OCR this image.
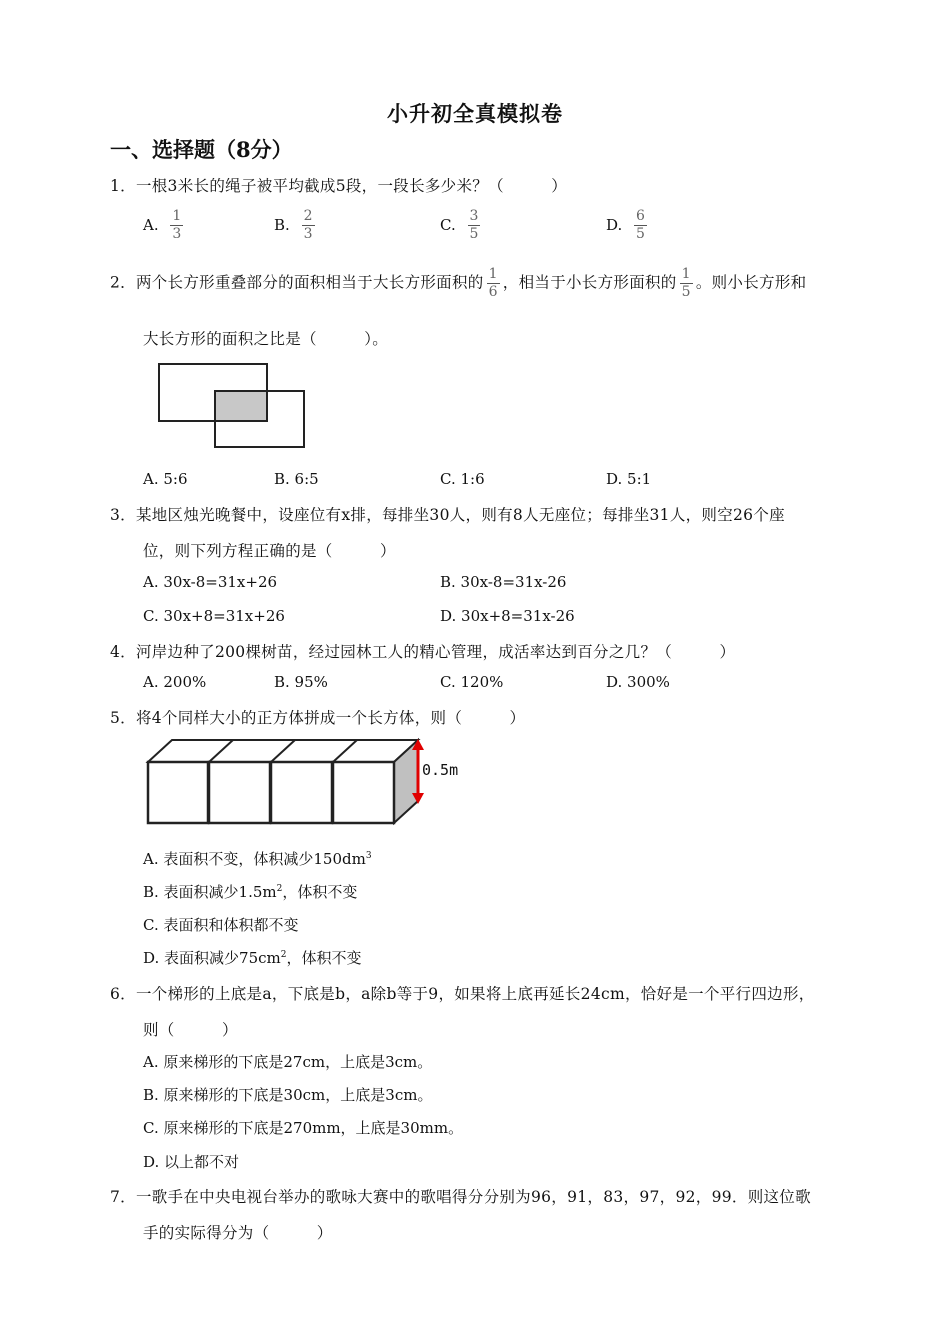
小升初全真模拟卷
一、选择题（8分）
1．一根3米长的绳子被平均截成5段，一段长多少米？（　　　）
A. $\frac{1}{3}$	B. $\frac{2}{3}$	C. $\frac{3}{5}$	D. $\frac{6}{5}$
2．两个长方形重叠部分的面积相当于大长方形面积的 $\frac{1}{6}$ ，相当于小长方形面积的 $\frac{1}{5}$ 。则小长方形和
大长方形的面积之比是（　　　）。
A. 5:6	B. 6:5	C. 1:6	D. 5:1
3．某地区烛光晚餐中，设座位有x排，每排坐30人，则有8人无座位；每排坐31人，则空26个座
位，则下列方程正确的是（　　　）
A. 30x-8=31x+26	B. 30x-8=31x-26
C. 30x+8=31x+26	D. 30x+8=31x-26
4．河岸边种了200棵树苗，经过园林工人的精心管理，成活率达到百分之几？（　　　）
A. 200%	B. 95%	C. 120%	D. 300%
5．将4个同样大小的正方体拼成一个长方体，则（　　　）
0.5m
A. 表面积不变，体积减少$150dm^3$
B. 表面积减少$1.5m^2$，体积不变
C. 表面积和体积都不变
D. 表面积减少$75cm^2$，体积不变
6．一个梯形的上底是a，下底是b，a除b等于9，如果将上底再延长24cm，恰好是一个平行四边形，
则（　　　）
A. 原来梯形的下底是27cm，上底是3cm。
B. 原来梯形的下底是30cm，上底是3cm。
C. 原来梯形的下底是270mm，上底是30mm。
D. 以上都不对
7．一歌手在中央电视台举办的歌咏大赛中的歌唱得分分别为96，91，83，97，92，99．则这位歌
手的实际得分为（　　　）
